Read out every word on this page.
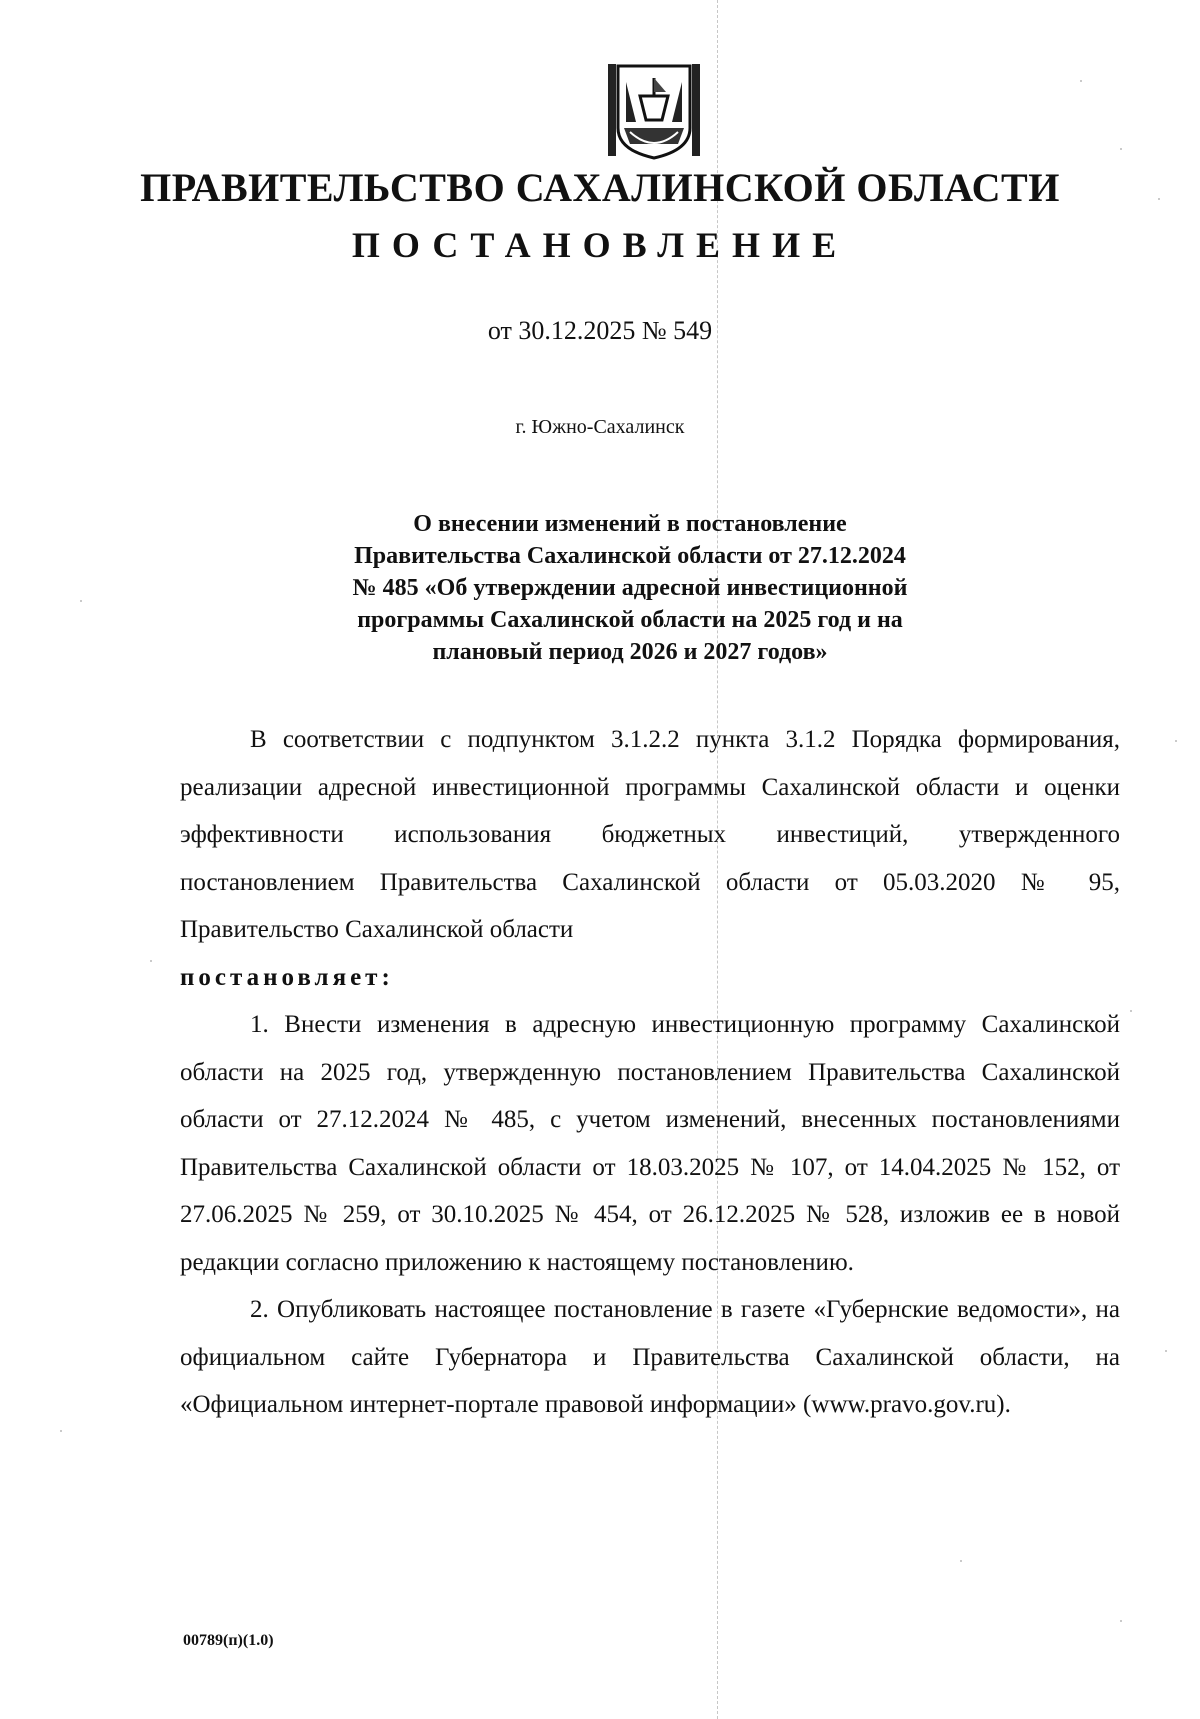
ПРАВИТЕЛЬСТВО САХАЛИНСКОЙ ОБЛАСТИ
ПОСТАНОВЛЕНИЕ
от 30.12.2025 № 549
г. Южно-Сахалинск
О внесении изменений в постановление
Правительства Сахалинской области от 27.12.2024
№ 485 «Об утверждении адресной инвестиционной
программы Сахалинской области на 2025 год и на
плановый период 2026 и 2027 годов»

В соответствии с подпунктом 3.1.2.2 пункта 3.1.2 Порядка формирования, реализации адресной инвестиционной программы Сахалинской области и оценки эффективности использования бюджетных инвестиций, утвержденного постановлением Правительства Сахалинской области от 05.03.2020 № 95, Правительство Сахалинской области

постановляет:

1. Внести изменения в адресную инвестиционную программу Сахалинской области на 2025 год, утвержденную постановлением Правительства Сахалинской области от 27.12.2024 № 485, с учетом изменений, внесенных постановлениями Правительства Сахалинской области от 18.03.2025 № 107, от 14.04.2025 № 152, от 27.06.2025 № 259, от 30.10.2025 № 454, от 26.12.2025 № 528, изложив ее в новой редакции согласно приложению к настоящему постановлению.

2. Опубликовать настоящее постановление в газете «Губернские ведомости», на официальном сайте Губернатора и Правительства Сахалинской области, на «Официальном интернет-портале правовой информации» (www.pravo.gov.ru).

00789(п)(1.0)
